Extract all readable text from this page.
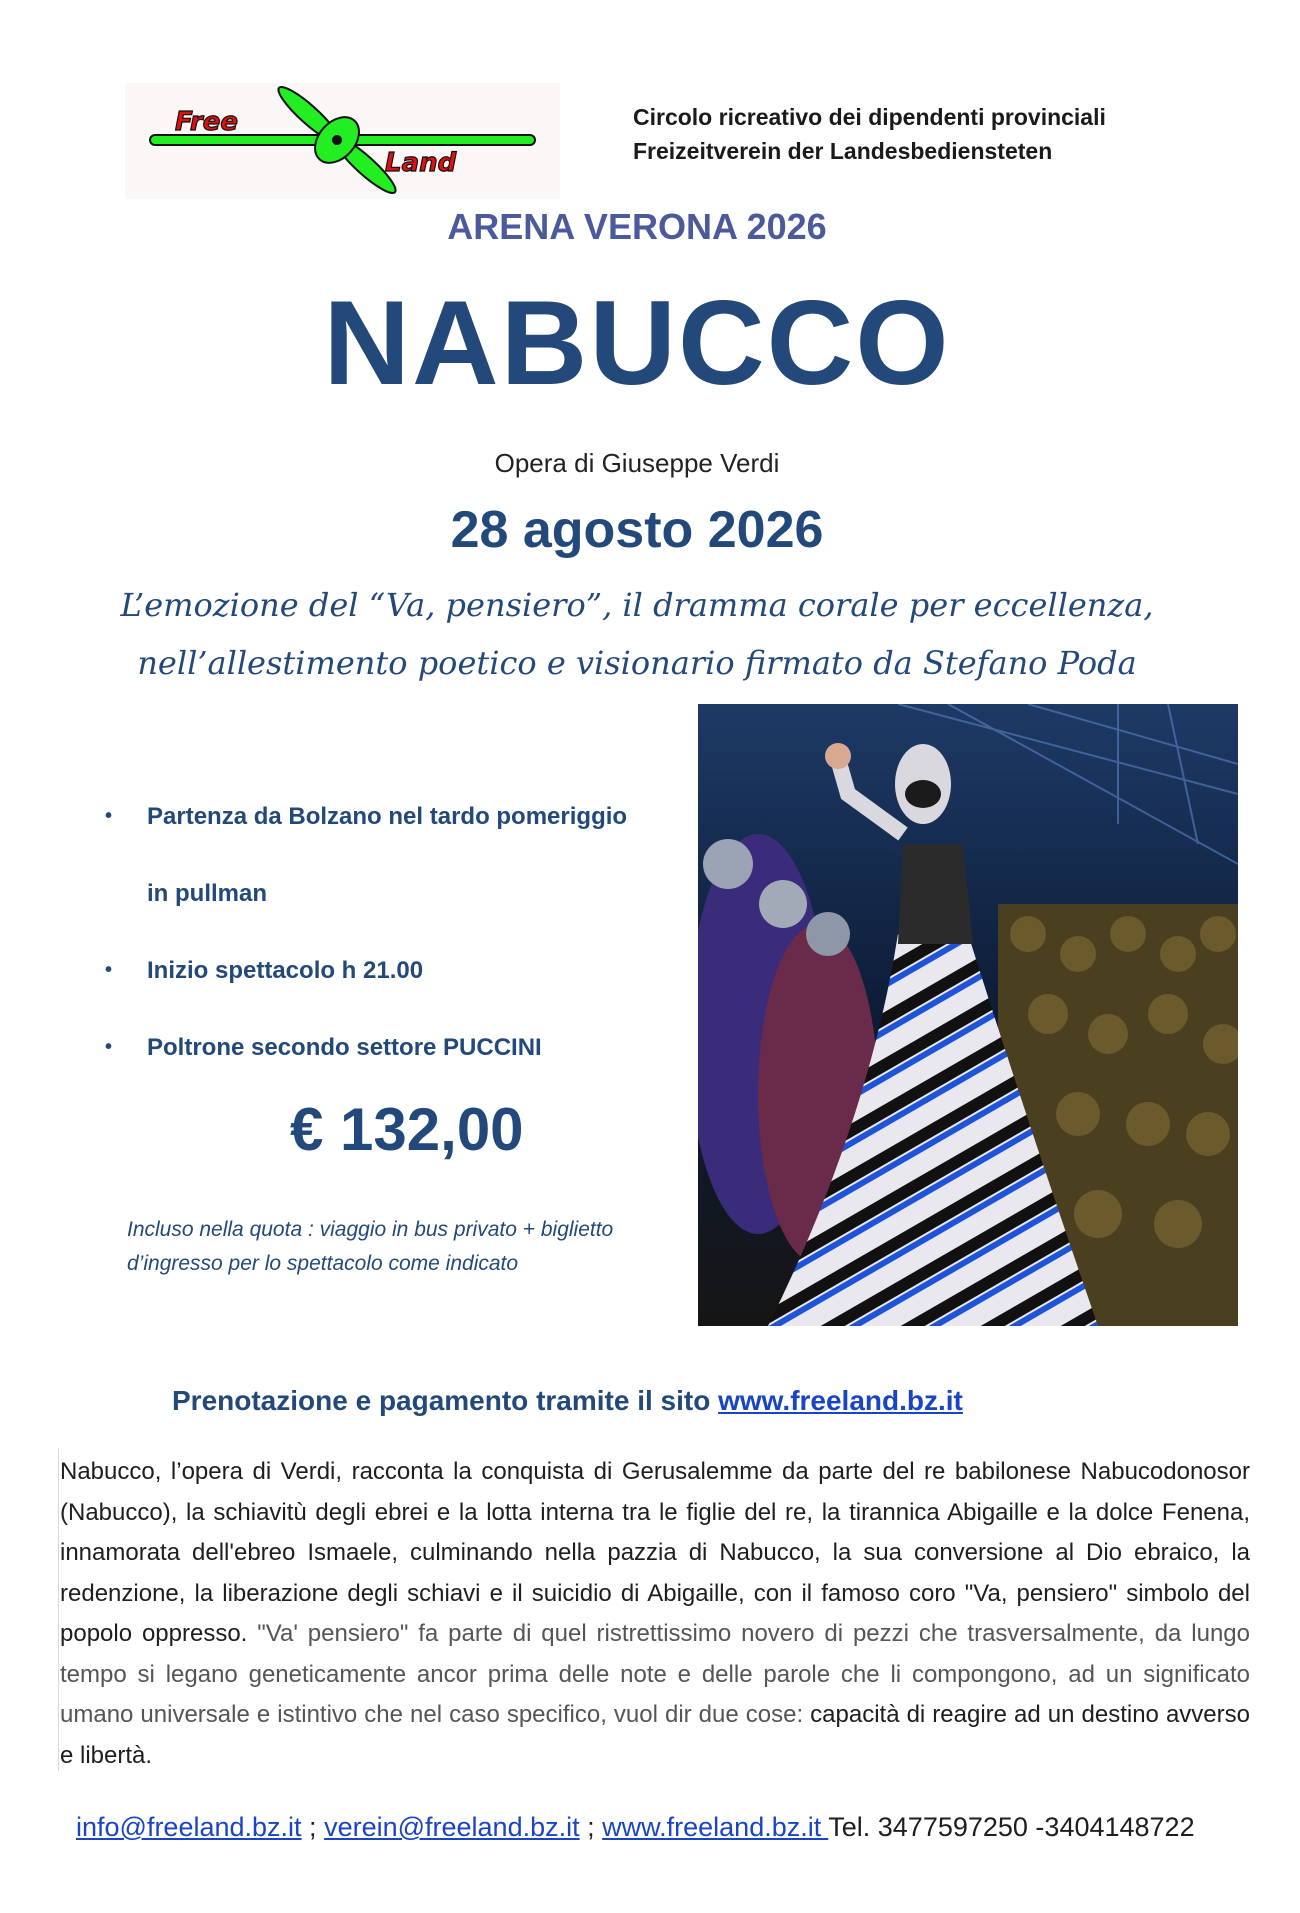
Free
Land
Circolo ricreativo dei dipendenti provinciali
Freizeitverein der Landesbediensteten
ARENA VERONA 2026
NABUCCO
Opera di Giuseppe Verdi
28 agosto 2026
L’emozione del “Va, pensiero”, il dramma corale per eccellenza,
nell’allestimento poetico e visionario firmato da Stefano Poda
• Partenza da Bolzano nel tardo pomeriggio
in pullman
• Inizio spettacolo h 21.00
• Poltrone secondo settore PUCCINI
€ 132,00
Incluso nella quota : viaggio in bus privato + biglietto
d’ingresso per lo spettacolo come indicato
Prenotazione e pagamento tramite il sito www.freeland.bz.it
Nabucco, l’opera di Verdi, racconta la conquista di Gerusalemme da parte del re babilonese Nabucodonosor (Nabucco), la schiavitù degli ebrei e la lotta interna tra le figlie del re, la tirannica Abigaille e la dolce Fenena, innamorata dell'ebreo Ismaele, culminando nella pazzia di Nabucco, la sua conversione al Dio ebraico, la redenzione, la liberazione degli schiavi e il suicidio di Abigaille, con il famoso coro "Va, pensiero" simbolo del popolo oppresso. "Va' pensiero" fa parte di quel ristrettissimo novero di pezzi che trasversalmente, da lungo tempo si legano geneticamente ancor prima delle note e delle parole che li compongono, ad un significato umano universale e istintivo che nel caso specifico, vuol dir due cose: capacità di reagire ad un destino avverso e libertà.
info@freeland.bz.it ; verein@freeland.bz.it ; www.freeland.bz.it Tel. 3477597250 -3404148722
